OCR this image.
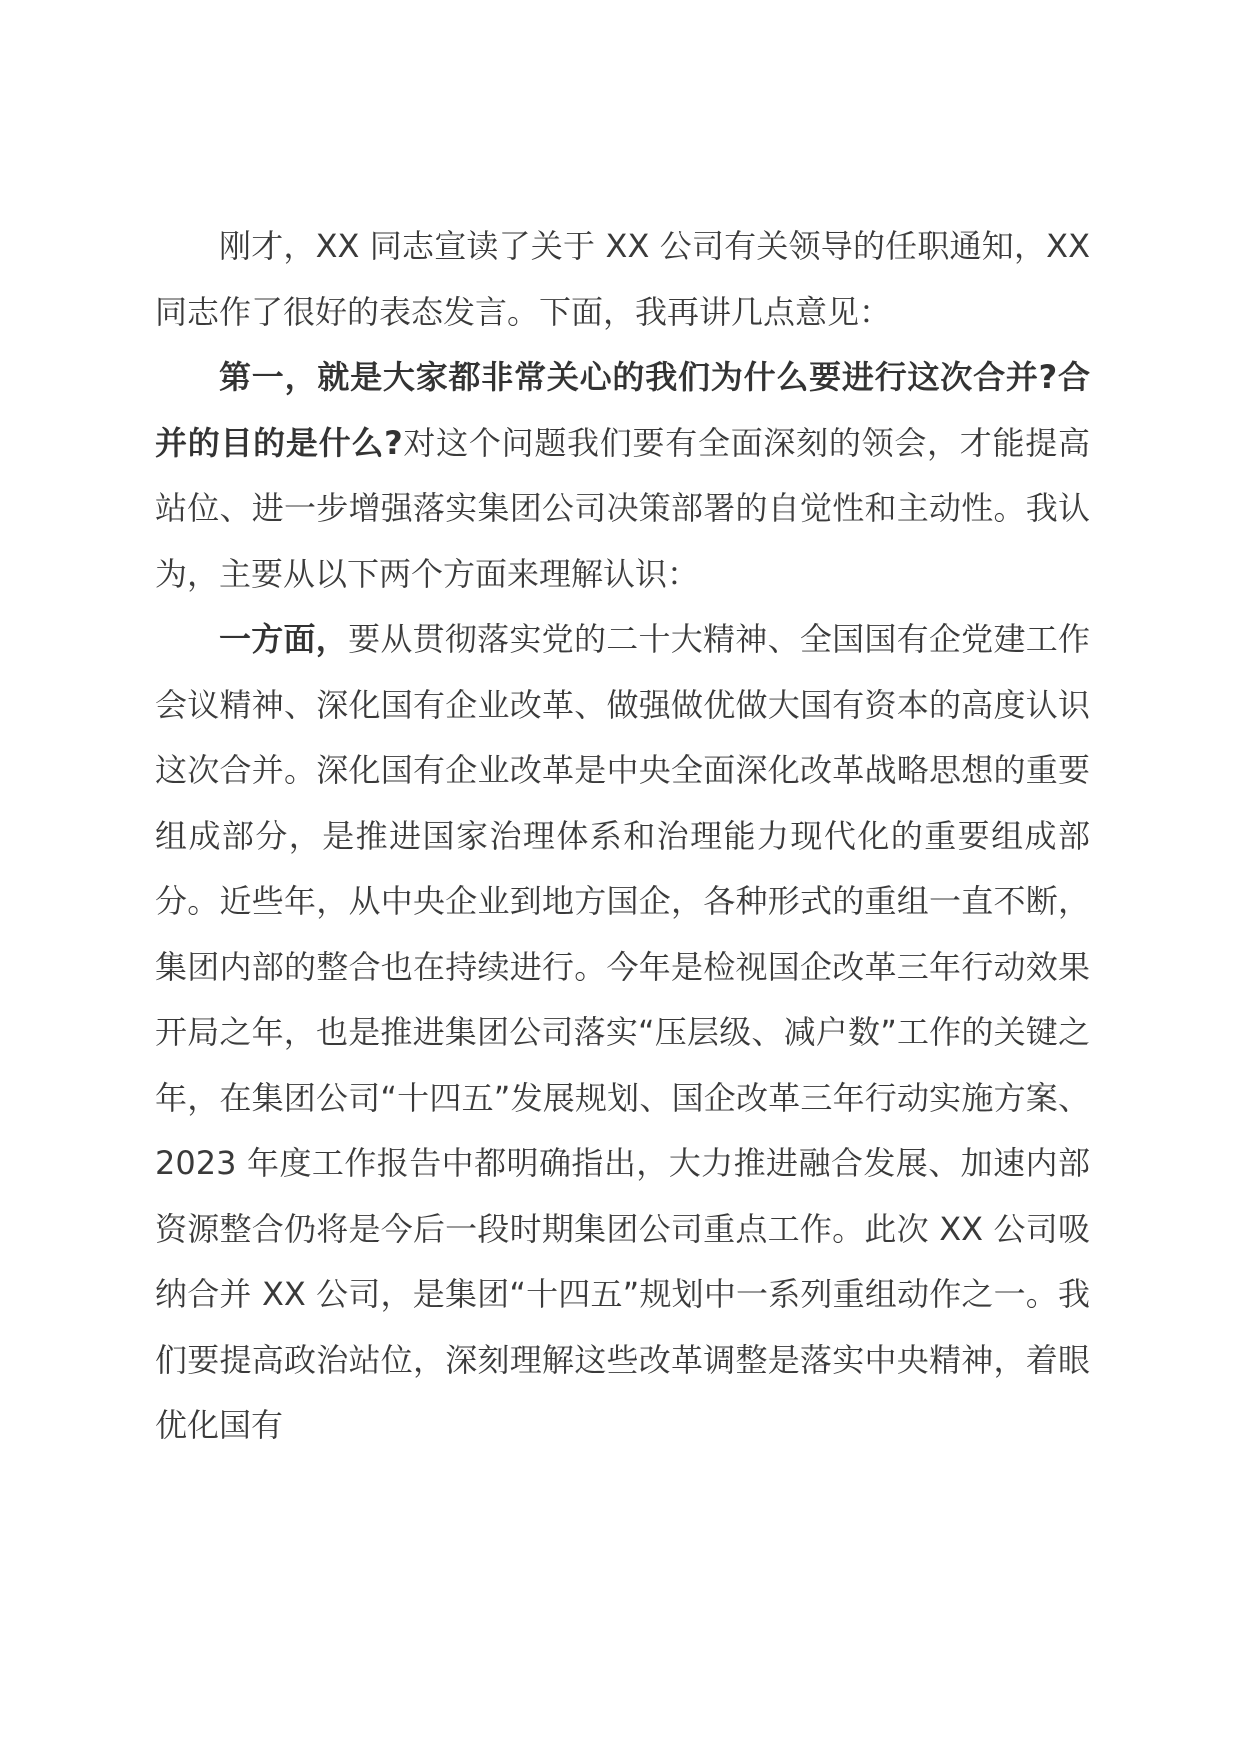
刚才，XX 同志宣读了关于 XX 公司有关领导的任职通知，XX 同志作了很好的表态发言。下面，我再讲几点意见：

第一，就是大家都非常关心的我们为什么要进行这次合并?合并的目的是什么?对这个问题我们要有全面深刻的领会，才能提高站位、进一步增强落实集团公司决策部署的自觉性和主动性。我认为，主要从以下两个方面来理解认识：

一方面，要从贯彻落实党的二十大精神、全国国有企党建工作会议精神、深化国有企业改革、做强做优做大国有资本的高度认识这次合并。深化国有企业改革是中央全面深化改革战略思想的重要组成部分，是推进国家治理体系和治理能力现代化的重要组成部分。近些年，从中央企业到地方国企，各种形式的重组一直不断，集团内部的整合也在持续进行。今年是检视国企改革三年行动效果开局之年，也是推进集团公司落实“压层级、减户数”工作的关键之年，在集团公司“十四五”发展规划、国企改革三年行动实施方案、2023 年度工作报告中都明确指出，大力推进融合发展、加速内部资源整合仍将是今后一段时期集团公司重点工作。此次 XX 公司吸纳合并 XX 公司，是集团“十四五”规划中一系列重组动作之一。我们要提高政治站位，深刻理解这些改革调整是落实中央精神，着眼优化国有
